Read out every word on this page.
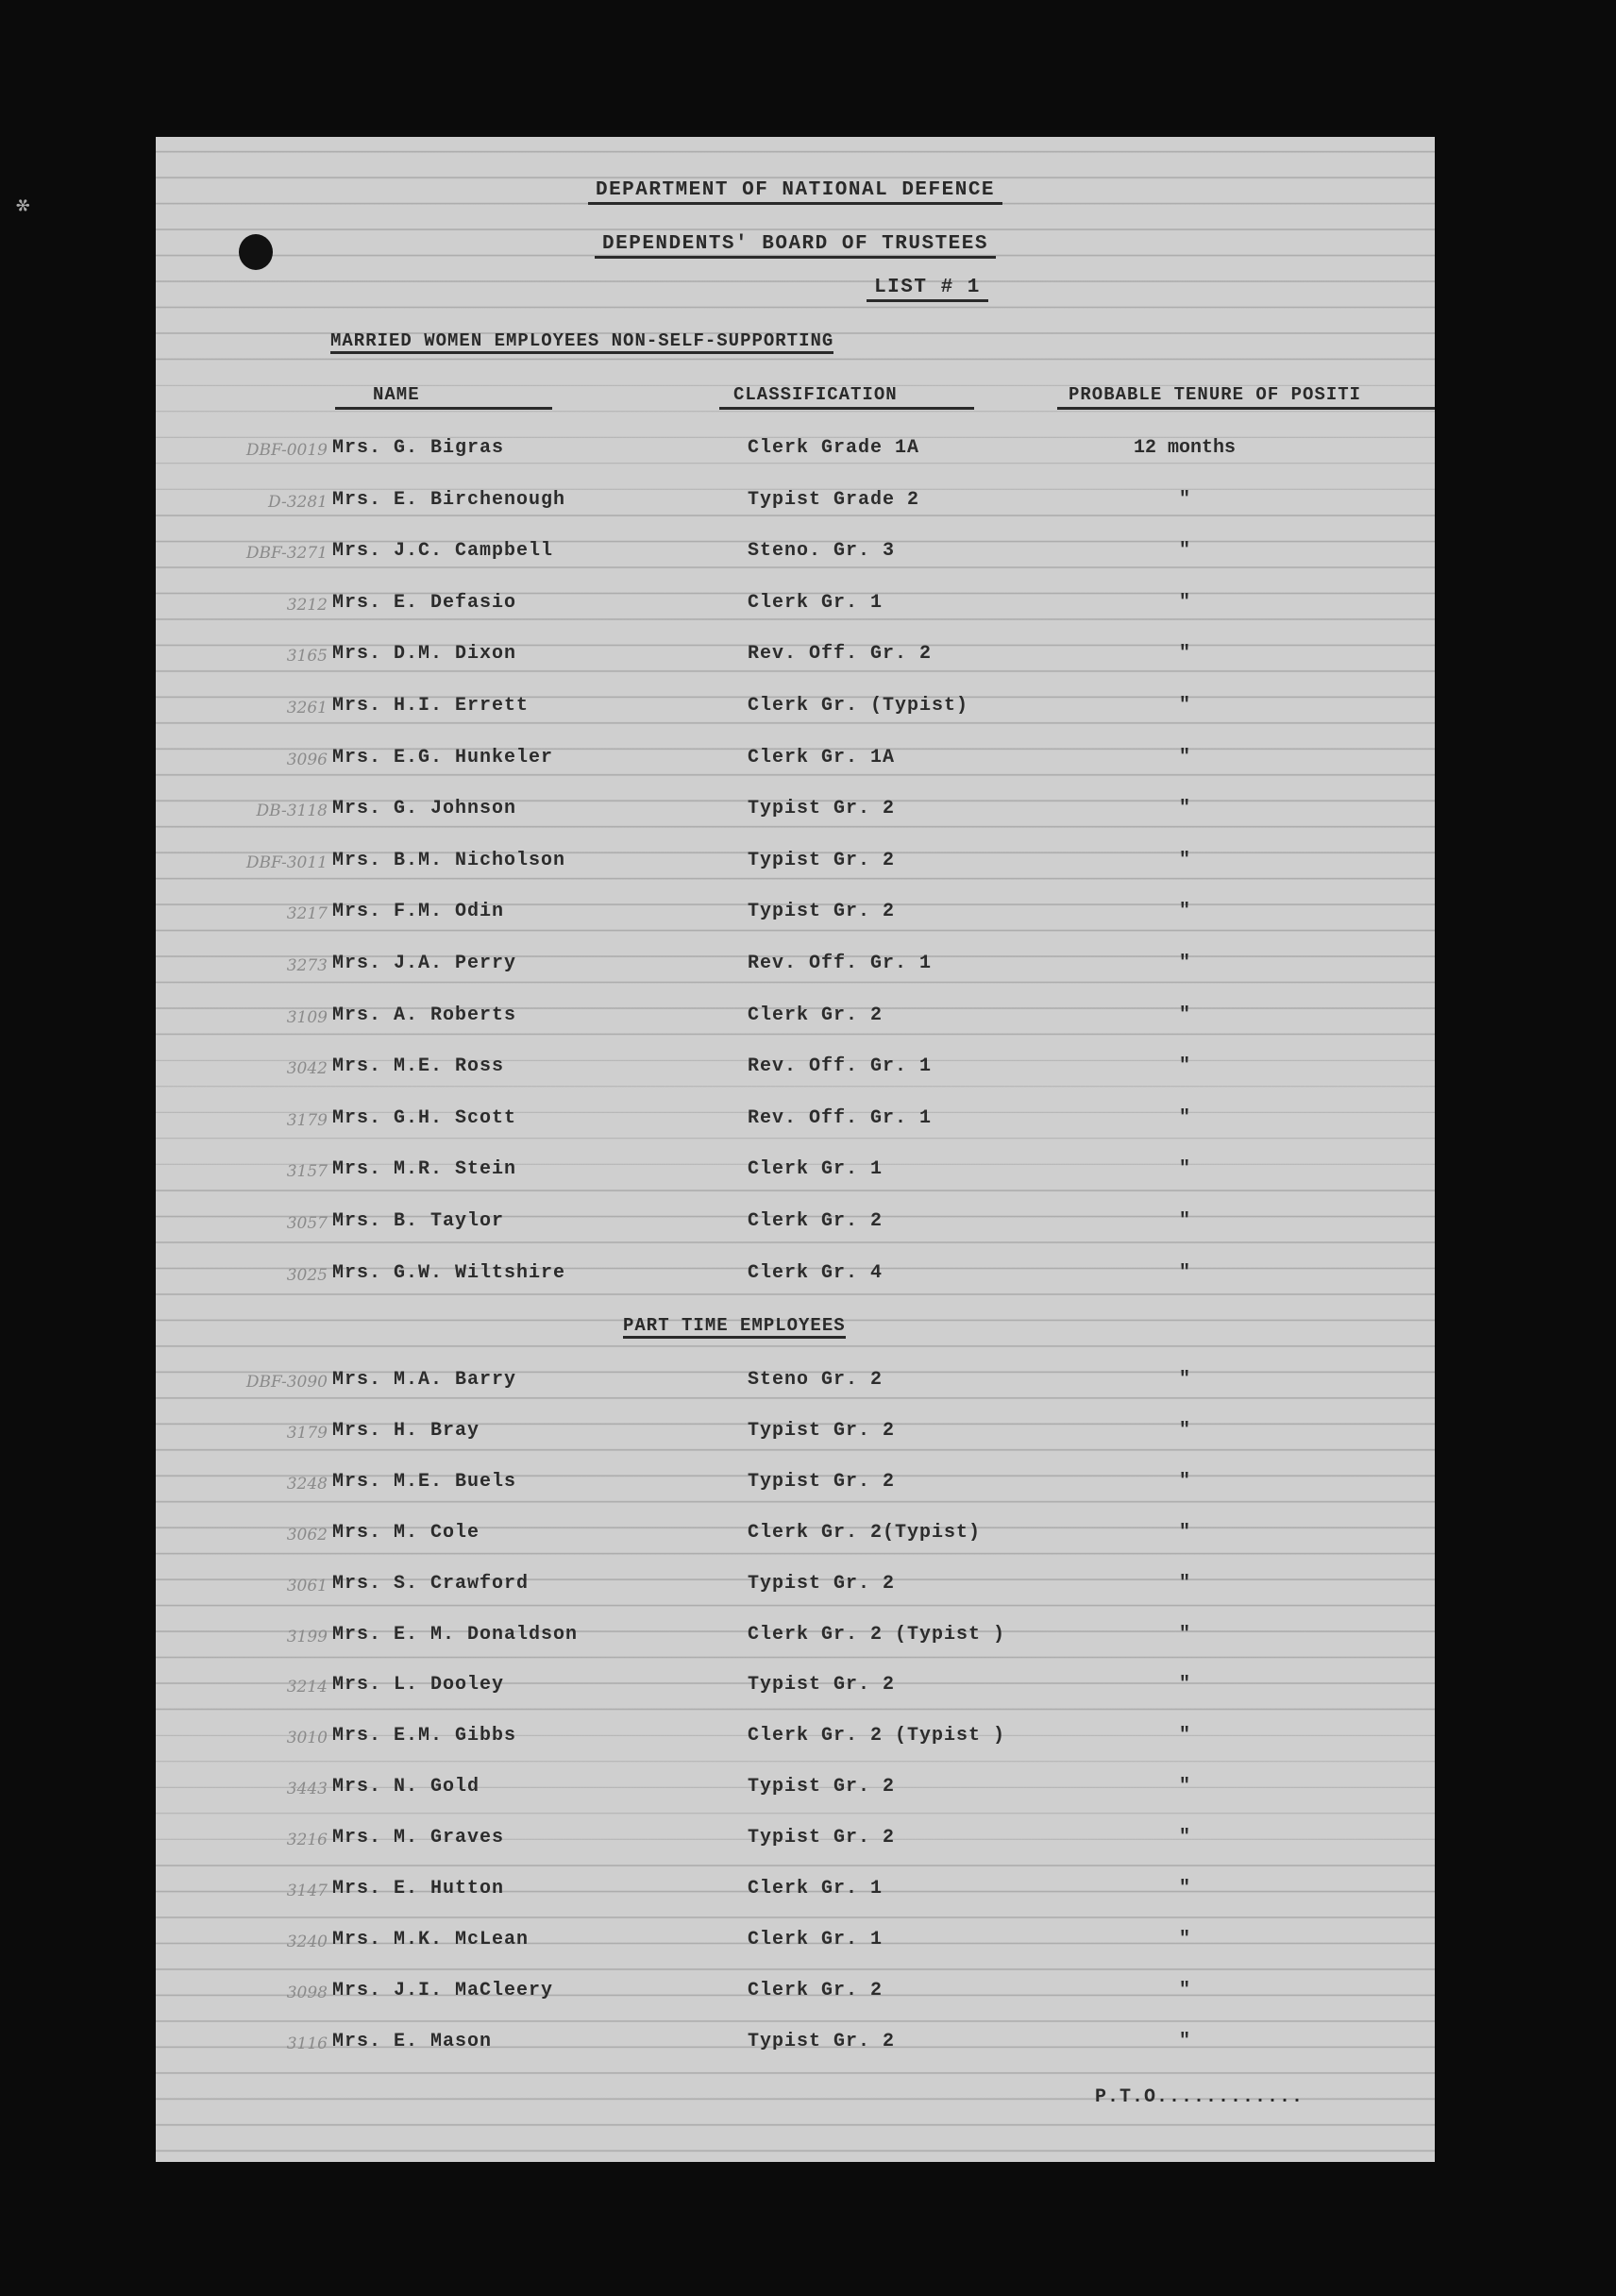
DEPARTMENT OF NATIONAL DEFENCE
DEPENDENTS' BOARD OF TRUSTEES
LIST # 1
MARRIED WOMEN EMPLOYEES NON-SELF-SUPPORTING
NAME	CLASSIFICATION	PROBABLE TENURE OF POSITI
DBF-0019 Mrs. G. Bigras	Clerk Grade 1A	12 months
D-3281 Mrs. E. Birchenough	Typist Grade 2	"
DBF-3271 Mrs. J.C. Campbell	Steno. Gr. 3	"
3212 Mrs. E. Defasio	Clerk Gr. 1	"
3165 Mrs. D.M. Dixon	Rev. Off. Gr. 2	"
3261 Mrs. H.I. Errett	Clerk Gr. (Typist)	"
3096 Mrs. E.G. Hunkeler	Clerk Gr. 1A	"
DB-3118 Mrs. G. Johnson	Typist Gr. 2	"
DBF-3011 Mrs. B.M. Nicholson	Typist Gr. 2	"
3217 Mrs. F.M. Odin	Typist Gr. 2	"
3273 Mrs. J.A. Perry	Rev. Off. Gr. 1	"
3109 Mrs. A. Roberts	Clerk Gr. 2	"
3042 Mrs. M.E. Ross	Rev. Off. Gr. 1	"
3179 Mrs. G.H. Scott	Rev. Off. Gr. 1	"
3157 Mrs. M.R. Stein	Clerk Gr. 1	"
3057 Mrs. B. Taylor	Clerk Gr. 2	"
3025 Mrs. G.W. Wiltshire	Clerk Gr. 4	"
PART TIME EMPLOYEES
DBF-3090 Mrs. M.A. Barry	Steno Gr. 2	"
3179 Mrs. H. Bray	Typist Gr. 2	"
3248 Mrs. M.E. Buels	Typist Gr. 2	"
3062 Mrs. M. Cole	Clerk Gr. 2(Typist)	"
3061 Mrs. S. Crawford	Typist Gr. 2	"
3199 Mrs. E. M. Donaldson	Clerk Gr. 2 (Typist )	"
3214 Mrs. L. Dooley	Typist Gr. 2	"
3010 Mrs. E.M. Gibbs	Clerk Gr. 2 (Typist )	"
3443 Mrs. N. Gold	Typist Gr. 2	"
3216 Mrs. M. Graves	Typist Gr. 2	"
3147 Mrs. E. Hutton	Clerk Gr. 1	"
3240 Mrs. M.K. McLean	Clerk Gr. 1	"
3098 Mrs. J.I. MaCleery	Clerk Gr. 2	"
3116 Mrs. E. Mason	Typist Gr. 2	"
P.T.O............
✻
